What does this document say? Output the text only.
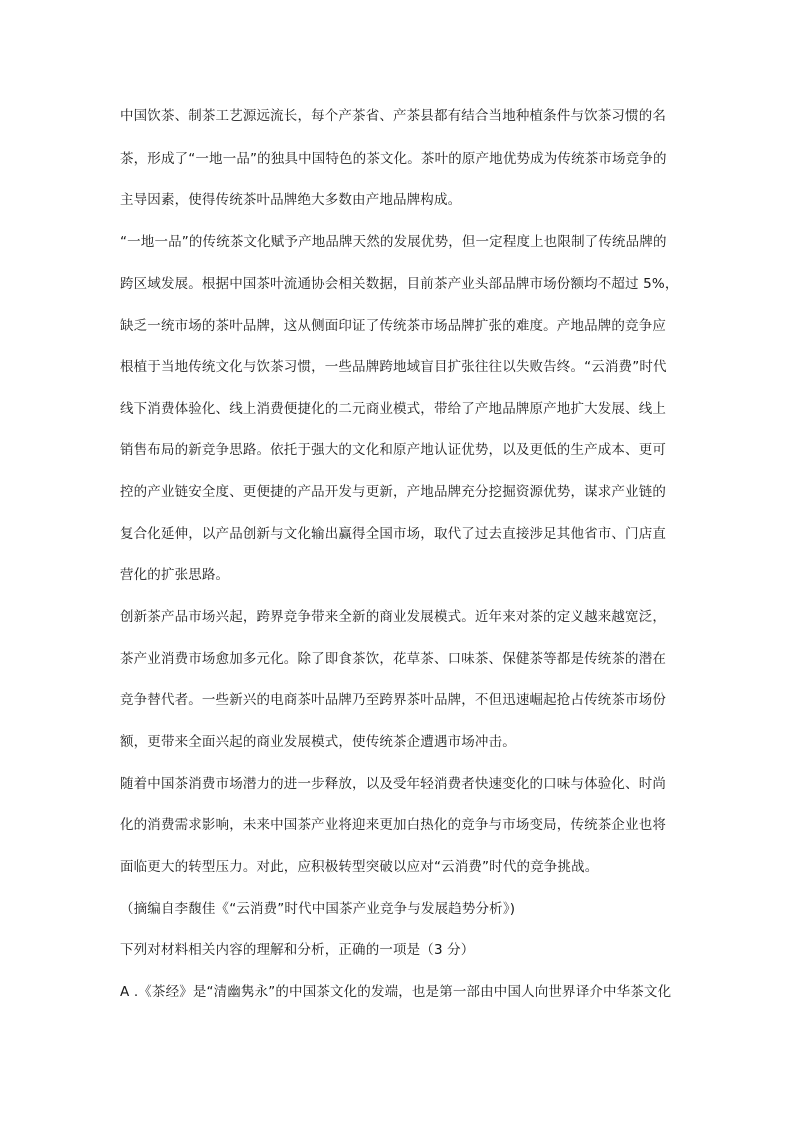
中国饮茶、制茶工艺源远流长，每个产茶省、产茶县都有结合当地种植条件与饮茶习惯的名
茶，形成了“一地一品”的独具中国特色的茶文化。茶叶的原产地优势成为传统茶市场竞争的
主导因素，使得传统茶叶品牌绝大多数由产地品牌构成。
“一地一品”的传统茶文化赋予产地品牌天然的发展优势，但一定程度上也限制了传统品牌的
跨区域发展。根据中国茶叶流通协会相关数据，目前茶产业头部品牌市场份额均不超过 5%，
缺乏一统市场的茶叶品牌，这从侧面印证了传统茶市场品牌扩张的难度。产地品牌的竞争应
根植于当地传统文化与饮茶习惯，一些品牌跨地域盲目扩张往往以失败告终。“云消费”时代
线下消费体验化、线上消费便捷化的二元商业模式，带给了产地品牌原产地扩大发展、线上
销售布局的新竞争思路。依托于强大的文化和原产地认证优势，以及更低的生产成本、更可
控的产业链安全度、更便捷的产品开发与更新，产地品牌充分挖掘资源优势，谋求产业链的
复合化延伸，以产品创新与文化输出赢得全国市场，取代了过去直接涉足其他省市、门店直
营化的扩张思路。
创新茶产品市场兴起，跨界竞争带来全新的商业发展模式。近年来对茶的定义越来越宽泛，
茶产业消费市场愈加多元化。除了即食茶饮，花草茶、口味茶、保健茶等都是传统茶的潜在
竞争替代者。一些新兴的电商茶叶品牌乃至跨界茶叶品牌，不但迅速崛起抢占传统茶市场份
额，更带来全面兴起的商业发展模式，使传统茶企遭遇市场冲击。
随着中国茶消费市场潜力的进一步释放，以及受年轻消费者快速变化的口味与体验化、时尚
化的消费需求影响，未来中国茶产业将迎来更加白热化的竞争与市场变局，传统茶企业也将
面临更大的转型压力。对此，应积极转型突破以应对“云消费”时代的竞争挑战。
（摘编自李馥佳《“云消费”时代中国茶产业竞争与发展趋势分析》)
下列对材料相关内容的理解和分析，正确的一项是（3 分）
A .《茶经》是“清幽隽永”的中国茶文化的发端，也是第一部由中国人向世界译介中华茶文化
